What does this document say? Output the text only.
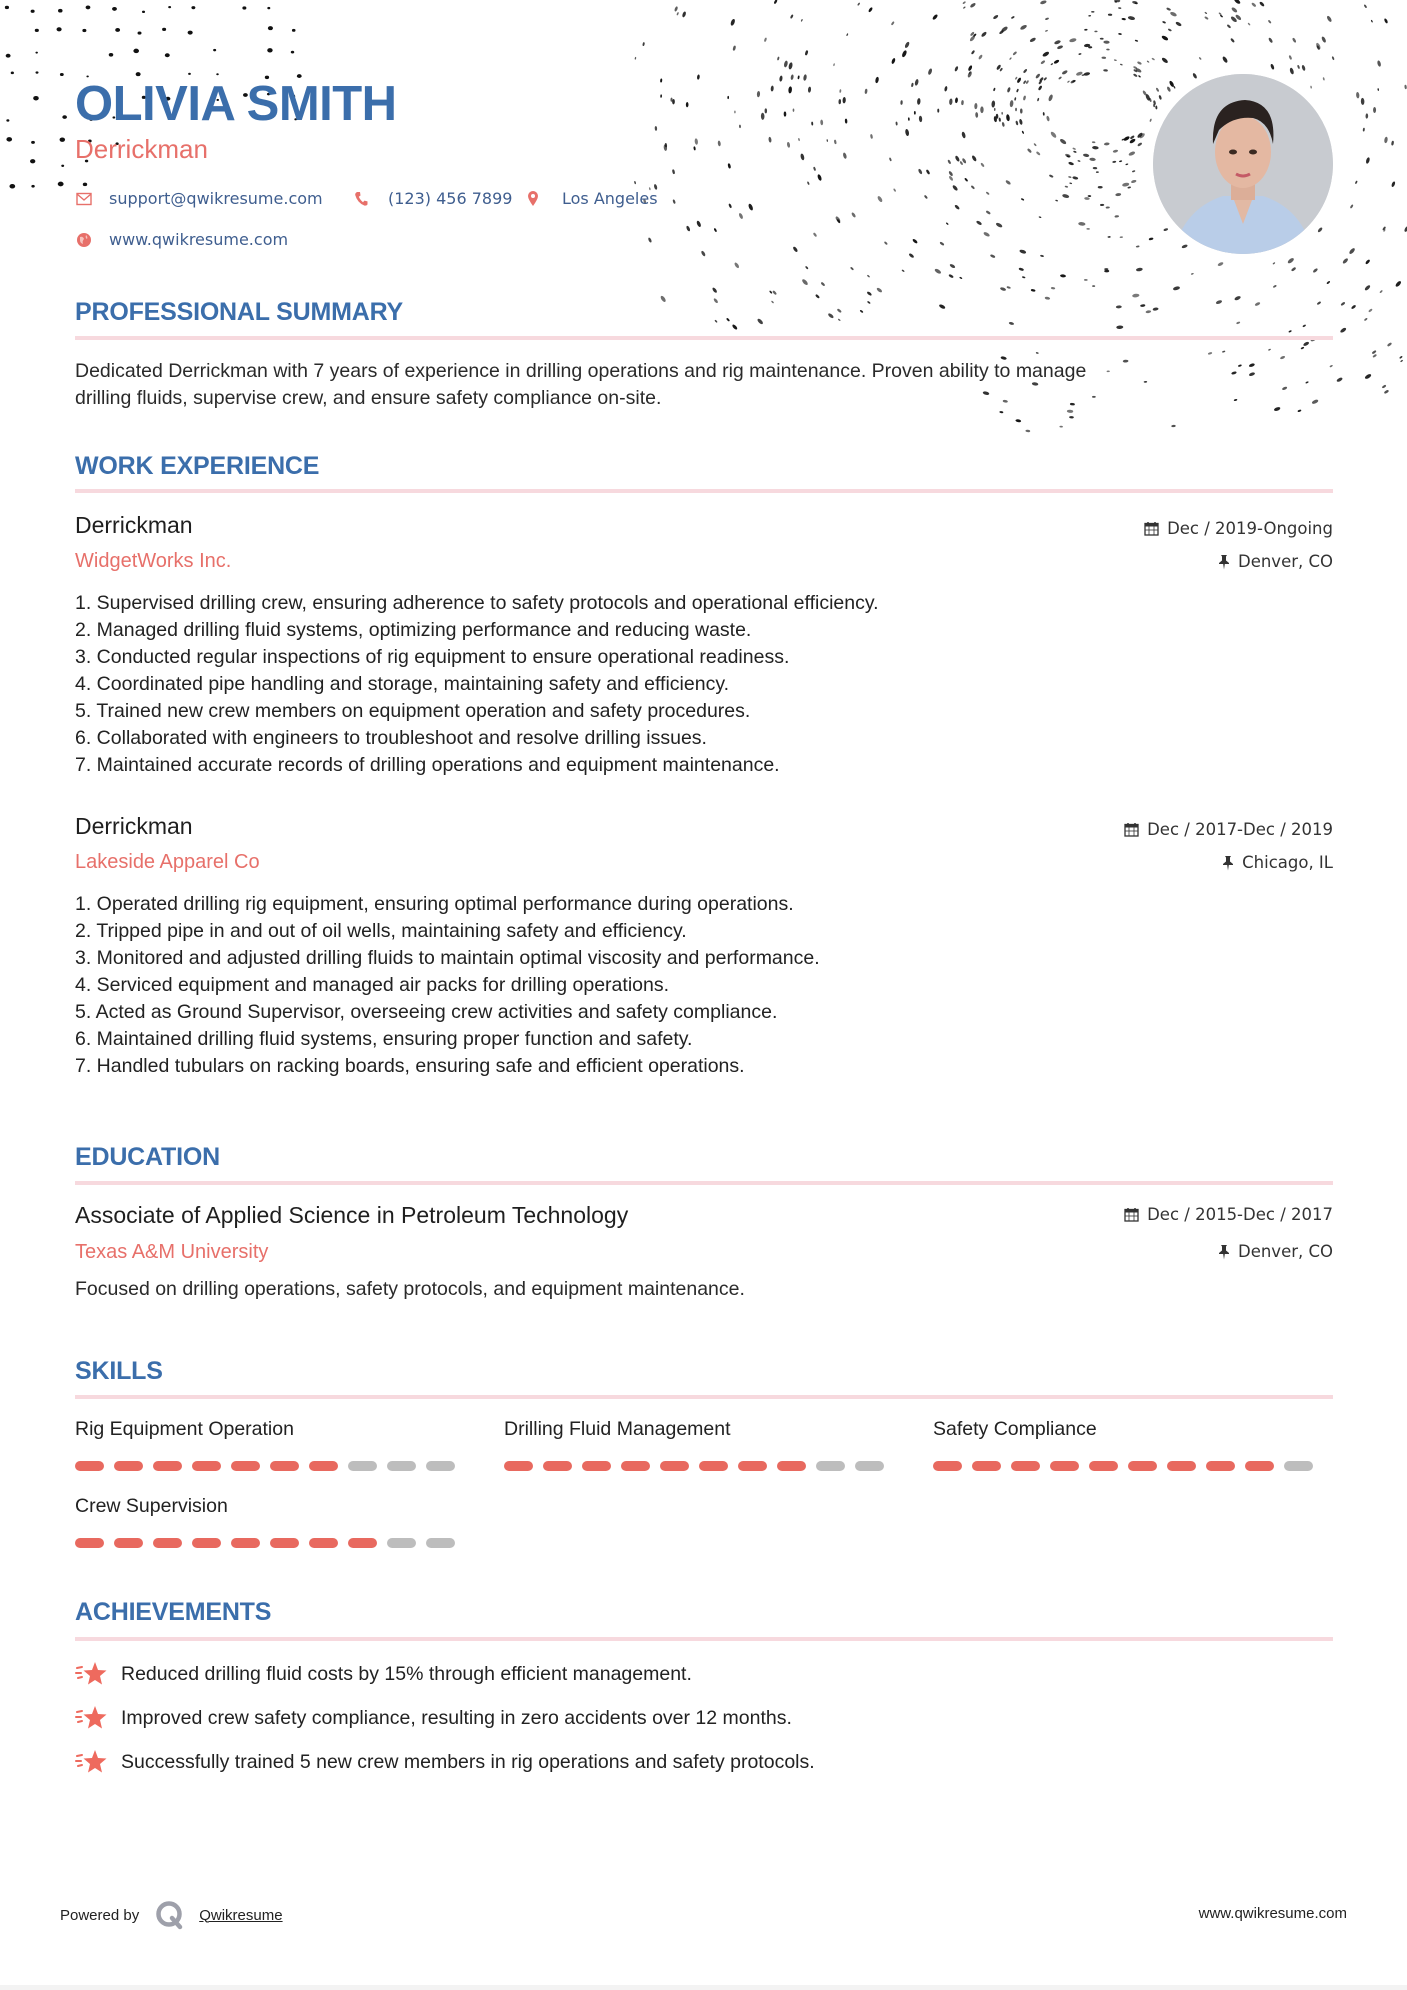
OLIVIA SMITH
Derrickman
support@qwikresume.com	(123) 456 7899	Los Angeles
www.qwikresume.com
PROFESSIONAL SUMMARY
Dedicated Derrickman with 7 years of experience in drilling operations and rig maintenance. Proven ability to manage
drilling fluids, supervise crew, and ensure safety compliance on-site.
WORK EXPERIENCE
Derrickman
WidgetWorks Inc.
Dec / 2019-Ongoing
Denver, CO
1. Supervised drilling crew, ensuring adherence to safety protocols and operational efficiency.
2. Managed drilling fluid systems, optimizing performance and reducing waste.
3. Conducted regular inspections of rig equipment to ensure operational readiness.
4. Coordinated pipe handling and storage, maintaining safety and efficiency.
5. Trained new crew members on equipment operation and safety procedures.
6. Collaborated with engineers to troubleshoot and resolve drilling issues.
7. Maintained accurate records of drilling operations and equipment maintenance.
Derrickman
Lakeside Apparel Co
Dec / 2017-Dec / 2019
Chicago, IL
1. Operated drilling rig equipment, ensuring optimal performance during operations.
2. Tripped pipe in and out of oil wells, maintaining safety and efficiency.
3. Monitored and adjusted drilling fluids to maintain optimal viscosity and performance.
4. Serviced equipment and managed air packs for drilling operations.
5. Acted as Ground Supervisor, overseeing crew activities and safety compliance.
6. Maintained drilling fluid systems, ensuring proper function and safety.
7. Handled tubulars on racking boards, ensuring safe and efficient operations.
EDUCATION
Associate of Applied Science in Petroleum Technology
Texas A&M University
Dec / 2015-Dec / 2017
Denver, CO
Focused on drilling operations, safety protocols, and equipment maintenance.
SKILLS
Rig Equipment Operation	Drilling Fluid Management	Safety Compliance
Crew Supervision
ACHIEVEMENTS
Reduced drilling fluid costs by 15% through efficient management.
Improved crew safety compliance, resulting in zero accidents over 12 months.
Successfully trained 5 new crew members in rig operations and safety protocols.
Powered by	Qwikresume	www.qwikresume.com
